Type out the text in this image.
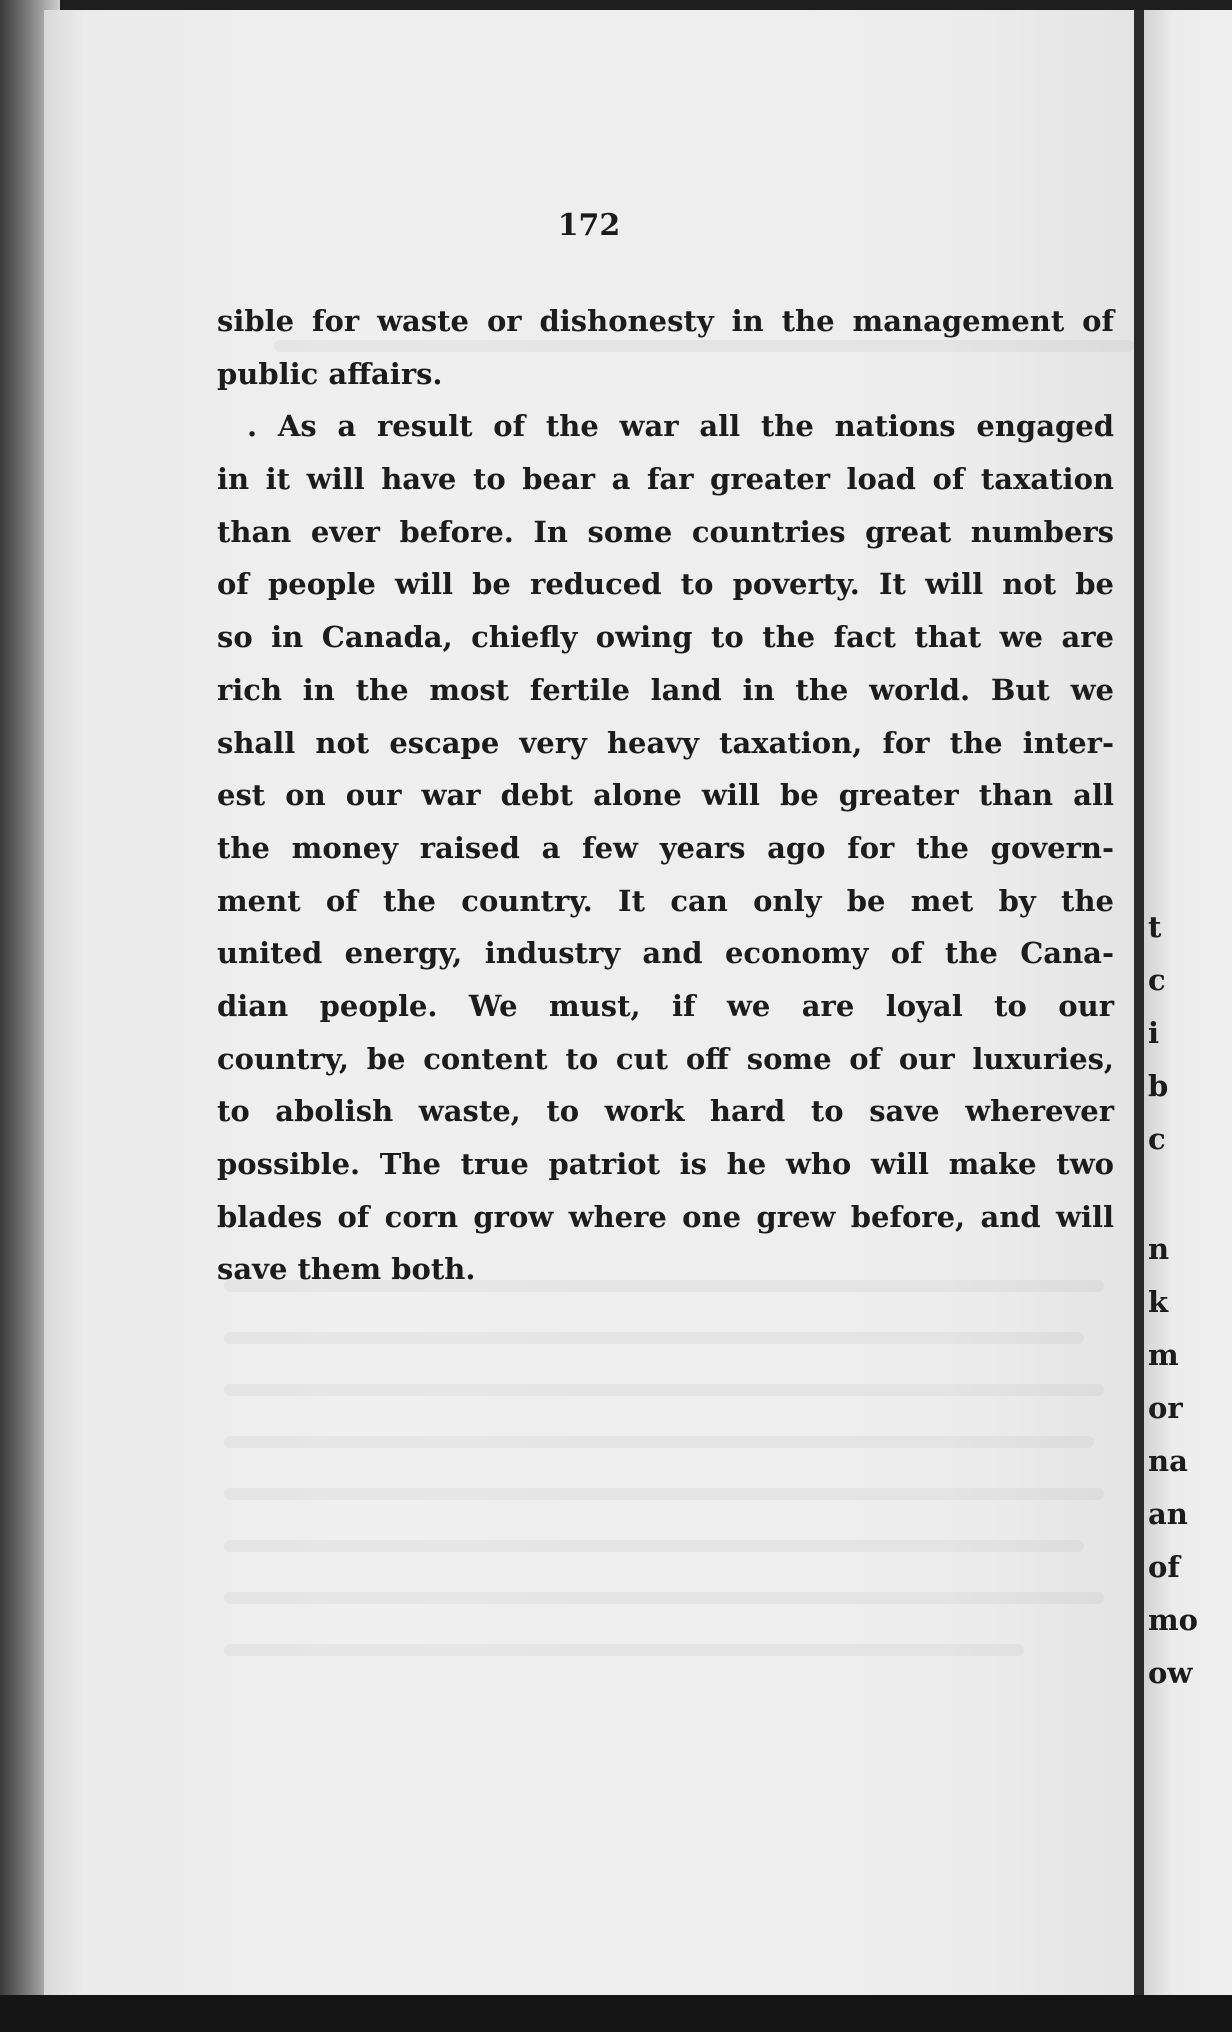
172
sible for waste or dishonesty in the management of
public affairs.
. As a result of the war all the nations engaged
in it will have to bear a far greater load of taxation
than ever before. In some countries great numbers
of people will be reduced to poverty. It will not be
so in Canada, chiefly owing to the fact that we are
rich in the most fertile land in the world. But we
shall not escape very heavy taxation, for the inter-
est on our war debt alone will be greater than all
the money raised a few years ago for the govern-
ment of the country. It can only be met by the
united energy, industry and economy of the Cana-
dian people. We must, if we are loyal to our
country, be content to cut off some of our luxuries,
to abolish waste, to work hard to save wherever
possible. The true patriot is he who will make two
blades of corn grow where one grew before, and will
save them both.
t
c
i
b
c
n
k
m
or
na
an
of
mo
ow
